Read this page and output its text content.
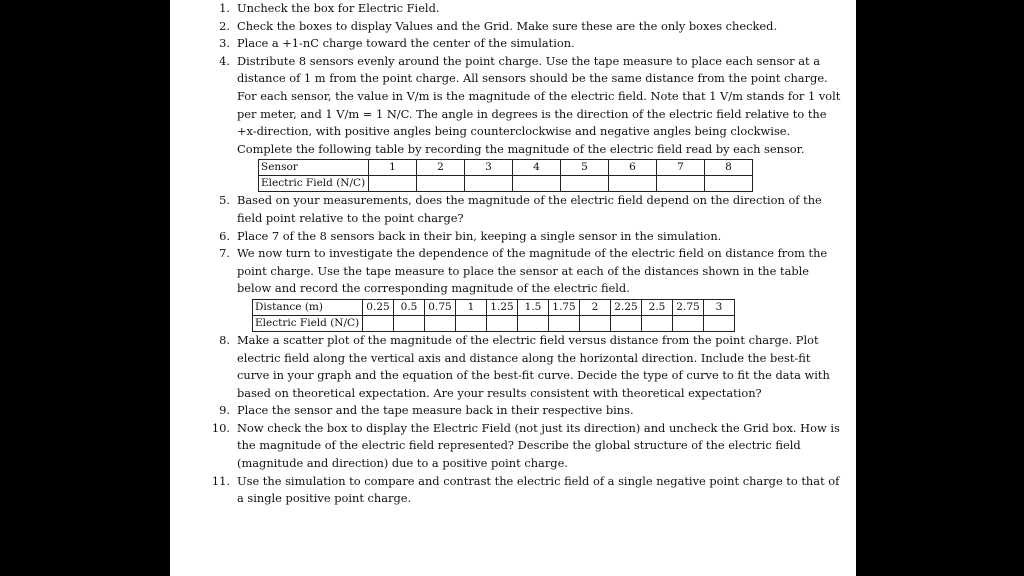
1. Uncheck the box for Electric Field.
2. Check the boxes to display Values and the Grid. Make sure these are the only boxes checked.
3. Place a +1-nC charge toward the center of the simulation.
4. Distribute 8 sensors evenly around the point charge. Use the tape measure to place each sensor at a distance of 1 m from the point charge. All sensors should be the same distance from the point charge. For each sensor, the value in V/m is the magnitude of the electric field. Note that 1 V/m stands for 1 volt per meter, and 1 V/m = 1 N/C. The angle in degrees is the direction of the electric field relative to the +x-direction, with positive angles being counterclockwise and negative angles being clockwise. Complete the following table by recording the magnitude of the electric field read by each sensor.
Sensor	1	2	3	4	5	6	7	8
Electric Field (N/C)								
5. Based on your measurements, does the magnitude of the electric field depend on the direction of the field point relative to the point charge?
6. Place 7 of the 8 sensors back in their bin, keeping a single sensor in the simulation.
7. We now turn to investigate the dependence of the magnitude of the electric field on distance from the point charge. Use the tape measure to place the sensor at each of the distances shown in the table below and record the corresponding magnitude of the electric field.
Distance (m)	0.25	0.5	0.75	1	1.25	1.5	1.75	2	2.25	2.5	2.75	3
Electric Field (N/C)												
8. Make a scatter plot of the magnitude of the electric field versus distance from the point charge. Plot electric field along the vertical axis and distance along the horizontal direction. Include the best-fit curve in your graph and the equation of the best-fit curve. Decide the type of curve to fit the data with based on theoretical expectation. Are your results consistent with theoretical expectation?
9. Place the sensor and the tape measure back in their respective bins.
10. Now check the box to display the Electric Field (not just its direction) and uncheck the Grid box. How is the magnitude of the electric field represented? Describe the global structure of the electric field (magnitude and direction) due to a positive point charge.
11. Use the simulation to compare and contrast the electric field of a single negative point charge to that of a single positive point charge.
